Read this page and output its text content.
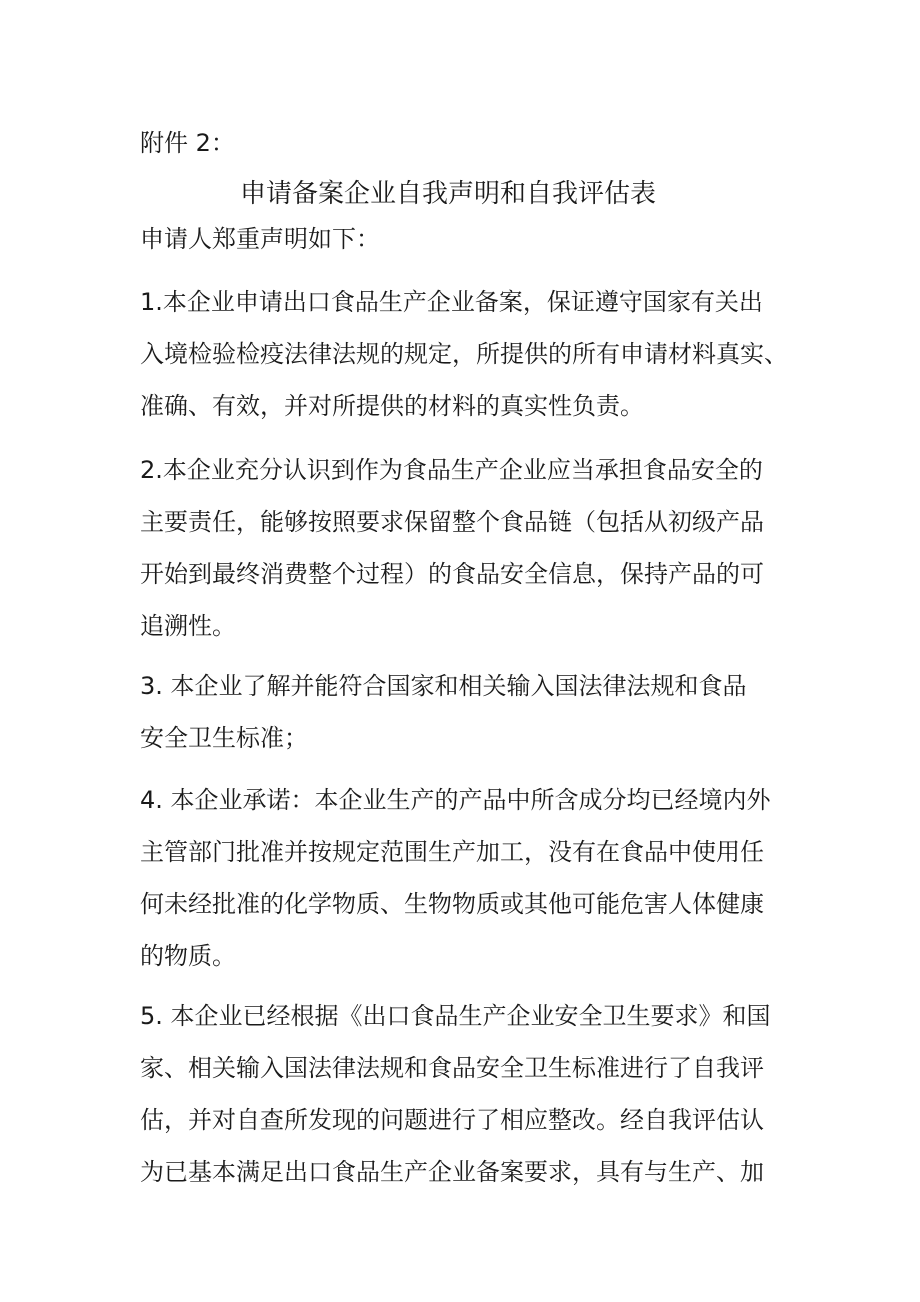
附件 2：
申请备案企业自我声明和自我评估表
申请人郑重声明如下：
1.本企业申请出口食品生产企业备案，保证遵守国家有关出
入境检验检疫法律法规的规定，所提供的所有申请材料真实、
准确、有效，并对所提供的材料的真实性负责。
2.本企业充分认识到作为食品生产企业应当承担食品安全的
主要责任，能够按照要求保留整个食品链（包括从初级产品
开始到最终消费整个过程）的食品安全信息，保持产品的可
追溯性。
3. 本企业了解并能符合国家和相关输入国法律法规和食品
安全卫生标准；
4. 本企业承诺：本企业生产的产品中所含成分均已经境内外
主管部门批准并按规定范围生产加工，没有在食品中使用任
何未经批准的化学物质、生物物质或其他可能危害人体健康
的物质。
5. 本企业已经根据《出口食品生产企业安全卫生要求》和国
家、相关输入国法律法规和食品安全卫生标准进行了自我评
估，并对自查所发现的问题进行了相应整改。经自我评估认
为已基本满足出口食品生产企业备案要求，具有与生产、加
